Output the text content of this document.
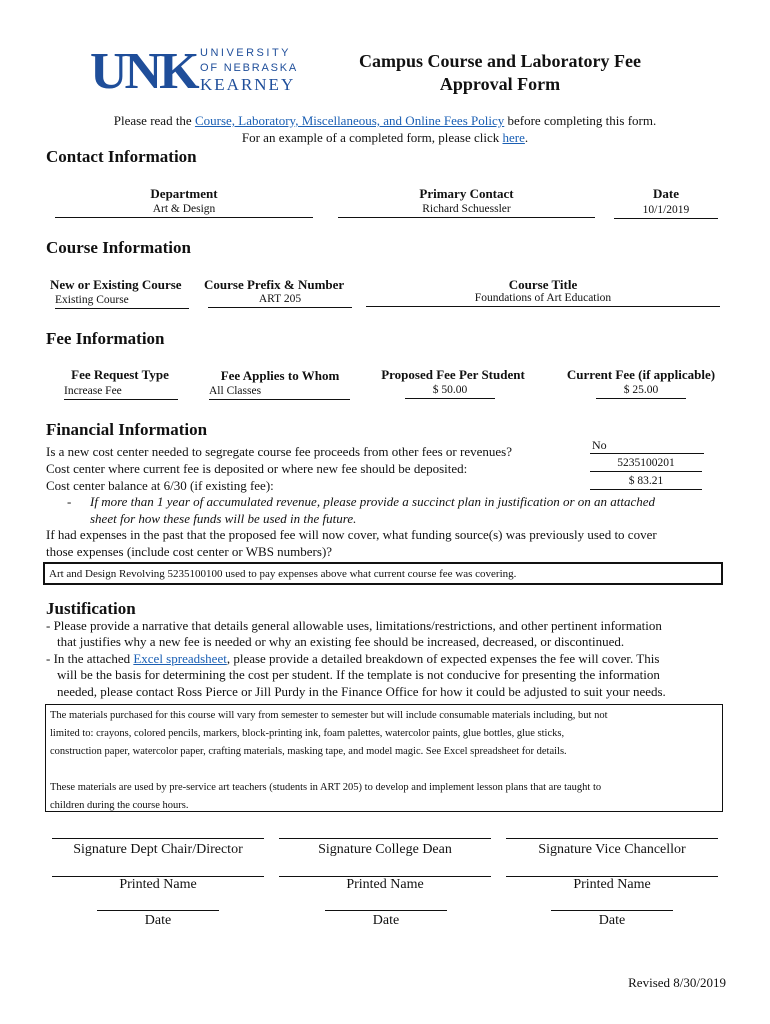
UNK UNIVERSITY
OF NEBRASKA
KEARNEY
Campus Course and Laboratory Fee
Approval Form
Please read the Course, Laboratory, Miscellaneous, and Online Fees Policy before completing this form.
For an example of a completed form, please click here.
Contact Information
Department
Art & Design
Primary Contact
Richard Schuessler
Date
10/1/2019
Course Information
New or Existing Course
Existing Course
Course Prefix & Number
ART 205
Course Title
Foundations of Art Education
Fee Information
Fee Request Type
Increase Fee
Fee Applies to Whom
All Classes
Proposed Fee Per Student
$ 50.00
Current Fee (if applicable)
$ 25.00
Financial Information
Is a new cost center needed to segregate course fee proceeds from other fees or revenues?	No
Cost center where current fee is deposited or where new fee should be deposited:	5235100201
Cost center balance at 6/30 (if existing fee):	$ 83.21
- If more than 1 year of accumulated revenue, please provide a succinct plan in justification or on an attached
sheet for how these funds will be used in the future.
If had expenses in the past that the proposed fee will now cover, what funding source(s) was previously used to cover
those expenses (include cost center or WBS numbers)?
Art and Design Revolving 5235100100 used to pay expenses above what current course fee was covering.
Justification
- Please provide a narrative that details general allowable uses, limitations/restrictions, and other pertinent information
that justifies why a new fee is needed or why an existing fee should be increased, decreased, or discontinued.
- In the attached Excel spreadsheet, please provide a detailed breakdown of expected expenses the fee will cover. This
will be the basis for determining the cost per student. If the template is not conducive for presenting the information
needed, please contact Ross Pierce or Jill Purdy in the Finance Office for how it could be adjusted to suit your needs.
The materials purchased for this course will vary from semester to semester but will include consumable materials including, but not
limited to: crayons, colored pencils, markers, block-printing ink, foam palettes, watercolor paints, glue bottles, glue sticks,
construction paper, watercolor paper, crafting materials, masking tape, and model magic. See Excel spreadsheet for details.
These materials are used by pre-service art teachers (students in ART 205) to develop and implement lesson plans that are taught to
children during the course hours.
Signature Dept Chair/Director	Signature College Dean	Signature Vice Chancellor
Printed Name	Printed Name	Printed Name
Date	Date	Date
Revised 8/30/2019
